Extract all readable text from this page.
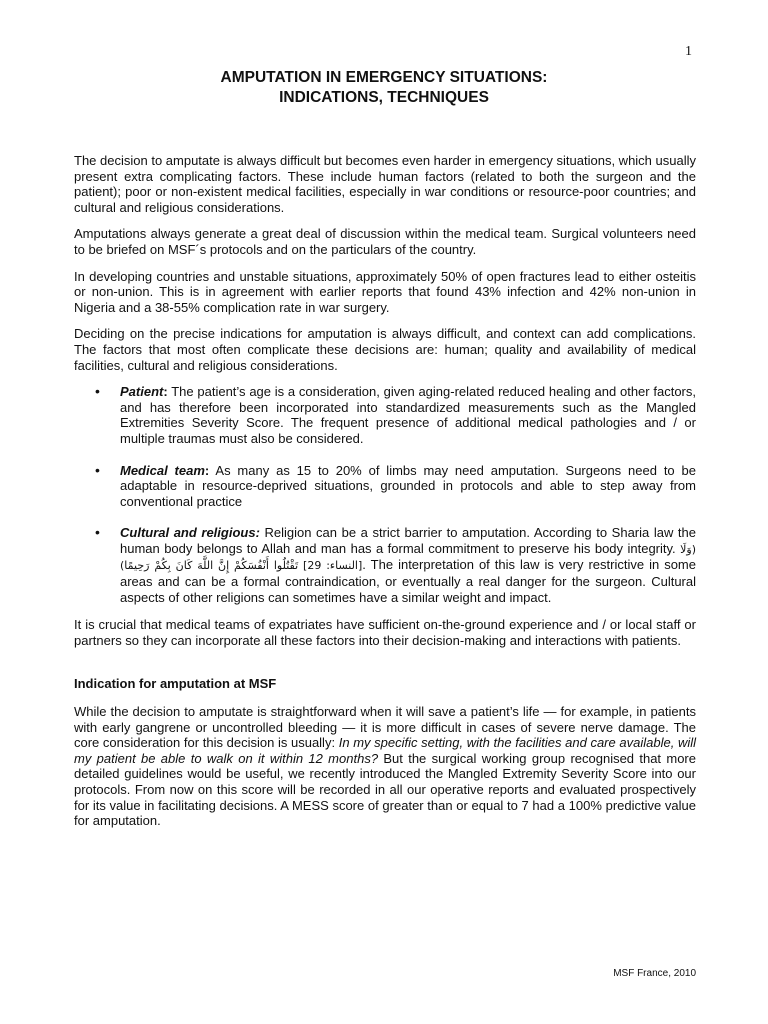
1
AMPUTATION IN EMERGENCY SITUATIONS:
INDICATIONS, TECHNIQUES

The decision to amputate is always difficult but becomes even harder in emergency situations, which usually present extra complicating factors. These include human factors (related to both the surgeon and the patient); poor or non-existent medical facilities, especially in war conditions or resource-poor countries; and cultural and religious considerations.

Amputations always generate a great deal of discussion within the medical team. Surgical volunteers need to be briefed on MSF´s protocols and on the particulars of the country.

In developing countries and unstable situations, approximately 50% of open fractures lead to either osteitis or non-union. This is in agreement with earlier reports that found 43% infection and 42% non-union in Nigeria and a 38-55% complication rate in war surgery.

Deciding on the precise indications for amputation is always difficult, and context can add complications. The factors that most often complicate these decisions are: human; quality and availability of medical facilities, cultural and religious considerations.

• Patient: The patient’s age is a consideration, given aging-related reduced healing and other factors, and has therefore been incorporated into standardized measurements such as the Mangled Extremities Severity Score. The frequent presence of additional medical pathologies and / or multiple traumas must also be considered.
• Medical team: As many as 15 to 20% of limbs may need amputation. Surgeons need to be adaptable in resource-deprived situations, grounded in protocols and able to step away from conventional practice
• Cultural and religious: Religion can be a strict barrier to amputation. According to Sharia law the human body belongs to Allah and man has a formal commitment to preserve his body integrity. (وَلَا تَقْتُلُوا أَنْفُسَكُمْ إِنَّ اللَّهَ كَانَ بِكُمْ رَحِيمًا) [29 :النساء]. The interpretation of this law is very restrictive in some areas and can be a formal contraindication, or eventually a real danger for the surgeon. Cultural aspects of other religions can sometimes have a similar weight and impact.

It is crucial that medical teams of expatriates have sufficient on-the-ground experience and / or local staff or partners so they can incorporate all these factors into their decision-making and interactions with patients.

Indication for amputation at MSF

While the decision to amputate is straightforward when it will save a patient’s life — for example, in patients with early gangrene or uncontrolled bleeding — it is more difficult in cases of severe nerve damage. The core consideration for this decision is usually: In my specific setting, with the facilities and care available, will my patient be able to walk on it within 12 months? But the surgical working group recognised that more detailed guidelines would be useful, we recently introduced the Mangled Extremity Severity Score into our protocols. From now on this score will be recorded in all our operative reports and evaluated prospectively for its value in facilitating decisions. A MESS score of greater than or equal to 7 had a 100% predictive value for amputation.

MSF France, 2010
